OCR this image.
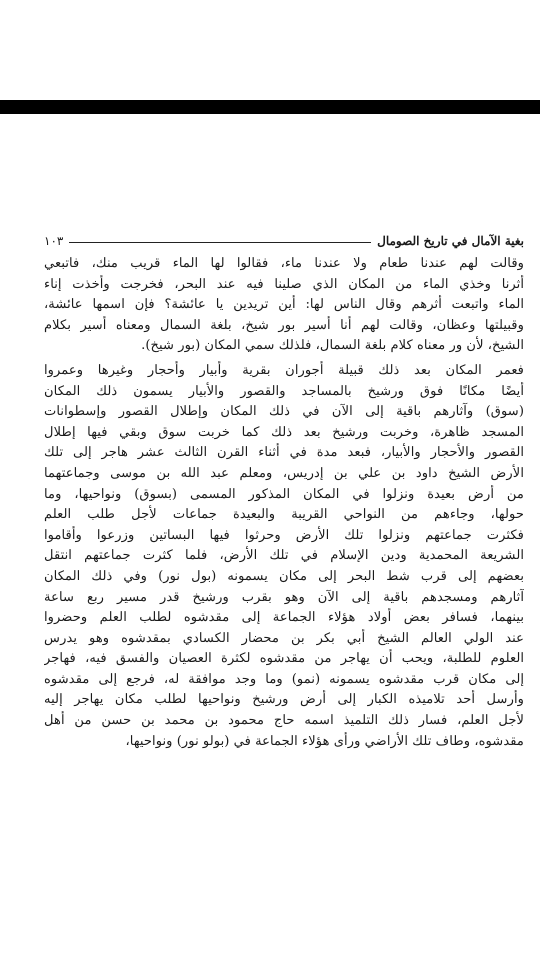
بغية الآمال في تاريخ الصومال
١٠٣

وقالت لهم عندنا طعام ولا عندنا ماء، فقالوا لها الماء قريب منك، فاتبعي
أثرنا وخذي الماء من المكان الذي صلينا فيه عند البحر، فخرجت وأخذت إناء
الماء واتبعت أثرهم وقال الناس لها: أين تريدين يا عائشة؟ فإن اسمها عائشة،
وقبيلتها وعظان، وقالت لهم أنا أسير بور شيخ، بلغة السمال ومعناه أسير بكلام
الشيخ، لأن ور معناه كلام بلغة السمال، فلذلك سمي المكان (بور شيخ).

فعمر المكان بعد ذلك قبيلة أجوران بقرية وأبيار وأحجار وغيرها وعمروا
أيضًا مكانًا فوق ورشيخ بالمساجد والقصور والأبيار يسمون ذلك المكان
(سوق) وآثارهم باقية إلى الآن في ذلك المكان وإطلال القصور وإسطوانات
المسجد ظاهرة، وخربت ورشيخ بعد ذلك كما خربت سوق وبقي فيها إطلال
القصور والأحجار والأبيار، فبعد مدة في أثناء القرن الثالث عشر هاجر إلى تلك
الأرض الشيخ داود بن علي بن إدريس، ومعلم عبد الله بن موسى وجماعتهما
من أرض بعيدة ونزلوا في المكان المذكور المسمى (بسوق) ونواحيها، وما
حولها، وجاءهم من النواحي القريبة والبعيدة جماعات لأجل طلب العلم
فكثرت جماعتهم ونزلوا تلك الأرض وحرثوا فيها البساتين وزرعوا وأقاموا
الشريعة المحمدية ودين الإسلام في تلك الأرض، فلما كثرت جماعتهم انتقل
بعضهم إلى قرب شط البحر إلى مكان يسمونه (بول نور) وفي ذلك المكان
آثارهم ومسجدهم باقية إلى الآن وهو بقرب ورشيخ قدر مسير ربع ساعة
بينهما، فسافر بعض أولاد هؤلاء الجماعة إلى مقدشوه لطلب العلم وحضروا
عند الولي العالم الشيخ أبي بكر بن محضار الكسادي بمقدشوه وهو يدرس
العلوم للطلبة، ويحب أن يهاجر من مقدشوه لكثرة العصيان والفسق فيه، فهاجر
إلى مكان قرب مقدشوه يسمونه (نمو) وما وجد موافقة له، فرجع إلى مقدشوه
وأرسل أحد تلاميذه الكبار إلى أرض ورشيخ ونواحيها لطلب مكان يهاجر إليه
لأجل العلم، فسار ذلك التلميذ اسمه حاج محمود بن محمد بن حسن من أهل
مقدشوه، وطاف تلك الأراضي ورأى هؤلاء الجماعة في (بولو نور) ونواحيها،
